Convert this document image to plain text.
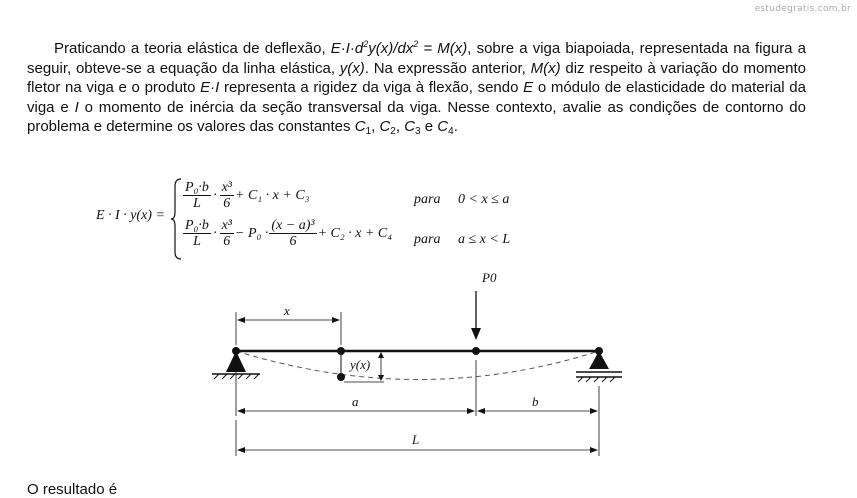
estudegratis.com.br

Praticando a teoria elástica de deflexão, $E\cdot I\cdot d^2y(x)/dx^2 = M(x)$, sobre a viga biapoiada, representada na figura a seguir, obteve-se a equação da linha elástica, y(x). Na expressão anterior, M(x) diz respeito à variação do momento fletor na viga e o produto E·I representa a rigidez da viga à flexão, sendo E o módulo de elasticidade do material da viga e I o momento de inércia da seção transversal da viga. Nesse contexto, avalie as condições de contorno do problema e determine os valores das constantes $C_1$, $C_2$, $C_3$ e $C_4$.

E · I · y(x) =
$\frac{\text{P₀·b}}{L} \cdot \frac{\text{x³}}{6} + C_1 \cdot x + C_3$	para 0 < x ≤ a
$\frac{\text{P₀·b}}{L} \cdot \frac{\text{x³}}{6} - P_0 \cdot \frac{\text{(x − a)³}}{6} + C_2 \cdot x + C_4$ para a ≤ x < L
y(x)
P0
x
a	b
L

O resultado é
